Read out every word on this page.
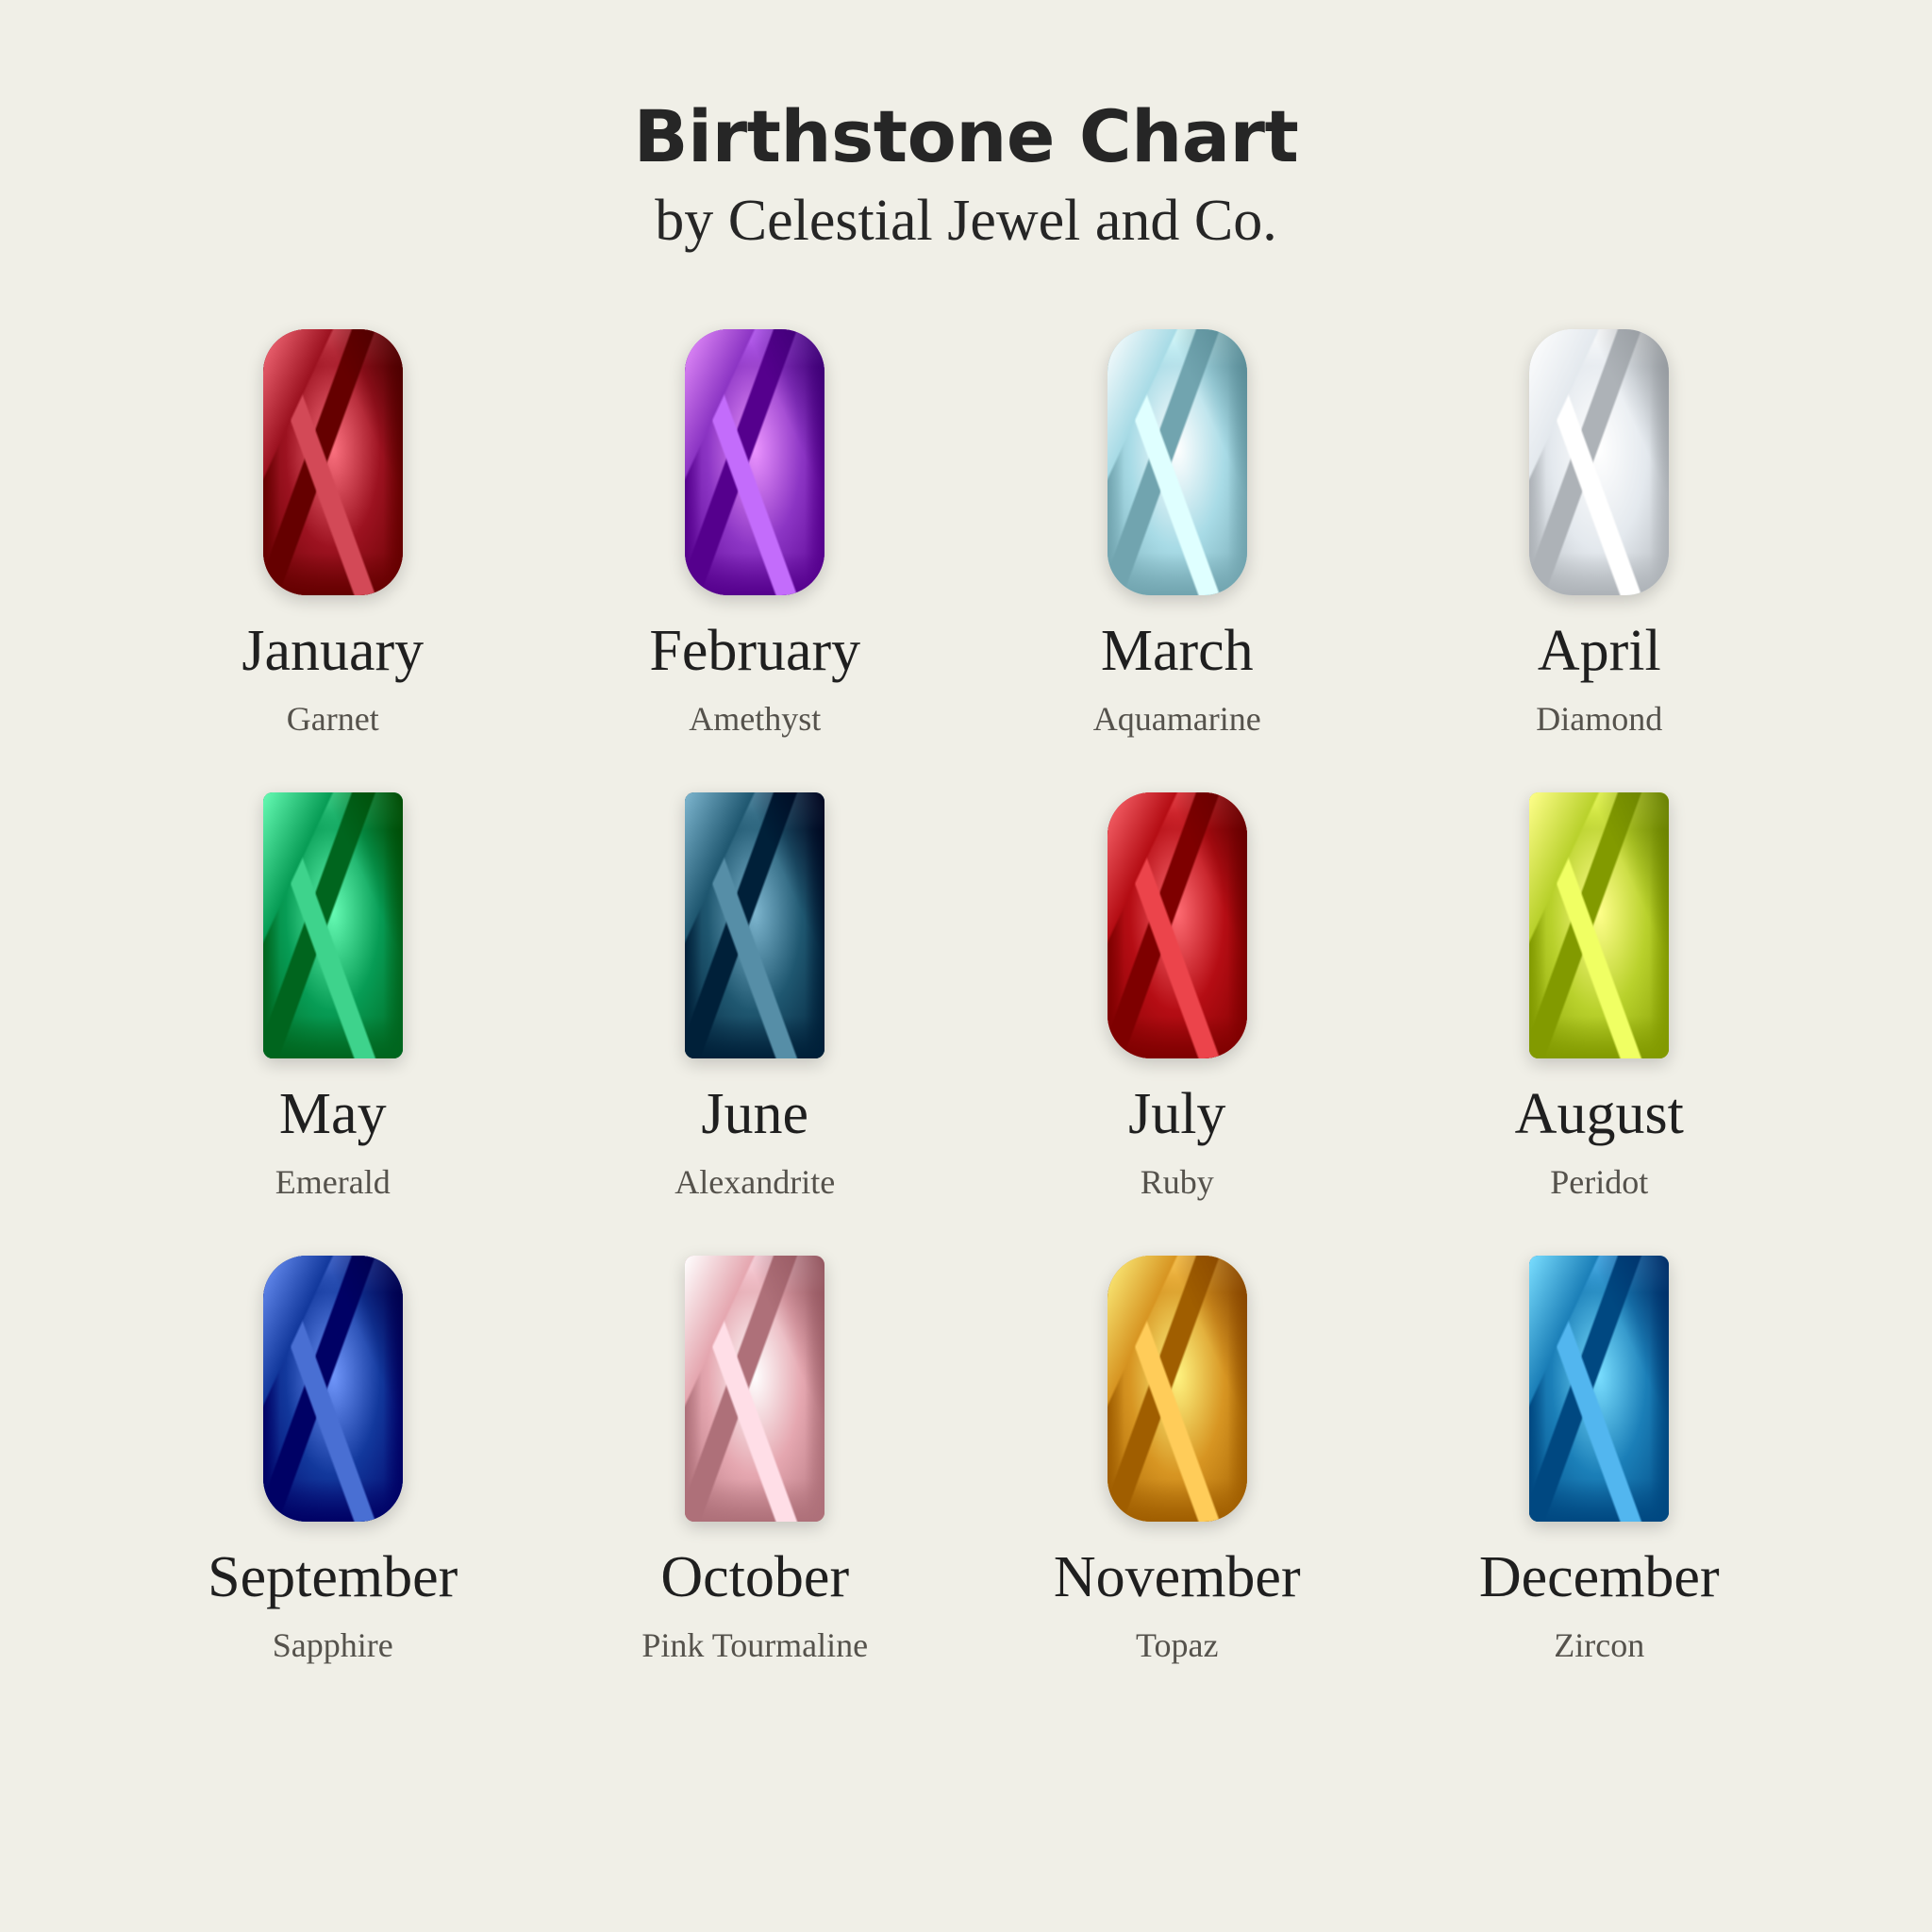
Birthstone Chart
by Celestial Jewel and Co.
January
Garnet
February
Amethyst
March
Aquamarine
April
Diamond
May
Emerald
June
Alexandrite
July
Ruby
August
Peridot
September
Sapphire
October
Pink Tourmaline
November
Topaz
December
Zircon
